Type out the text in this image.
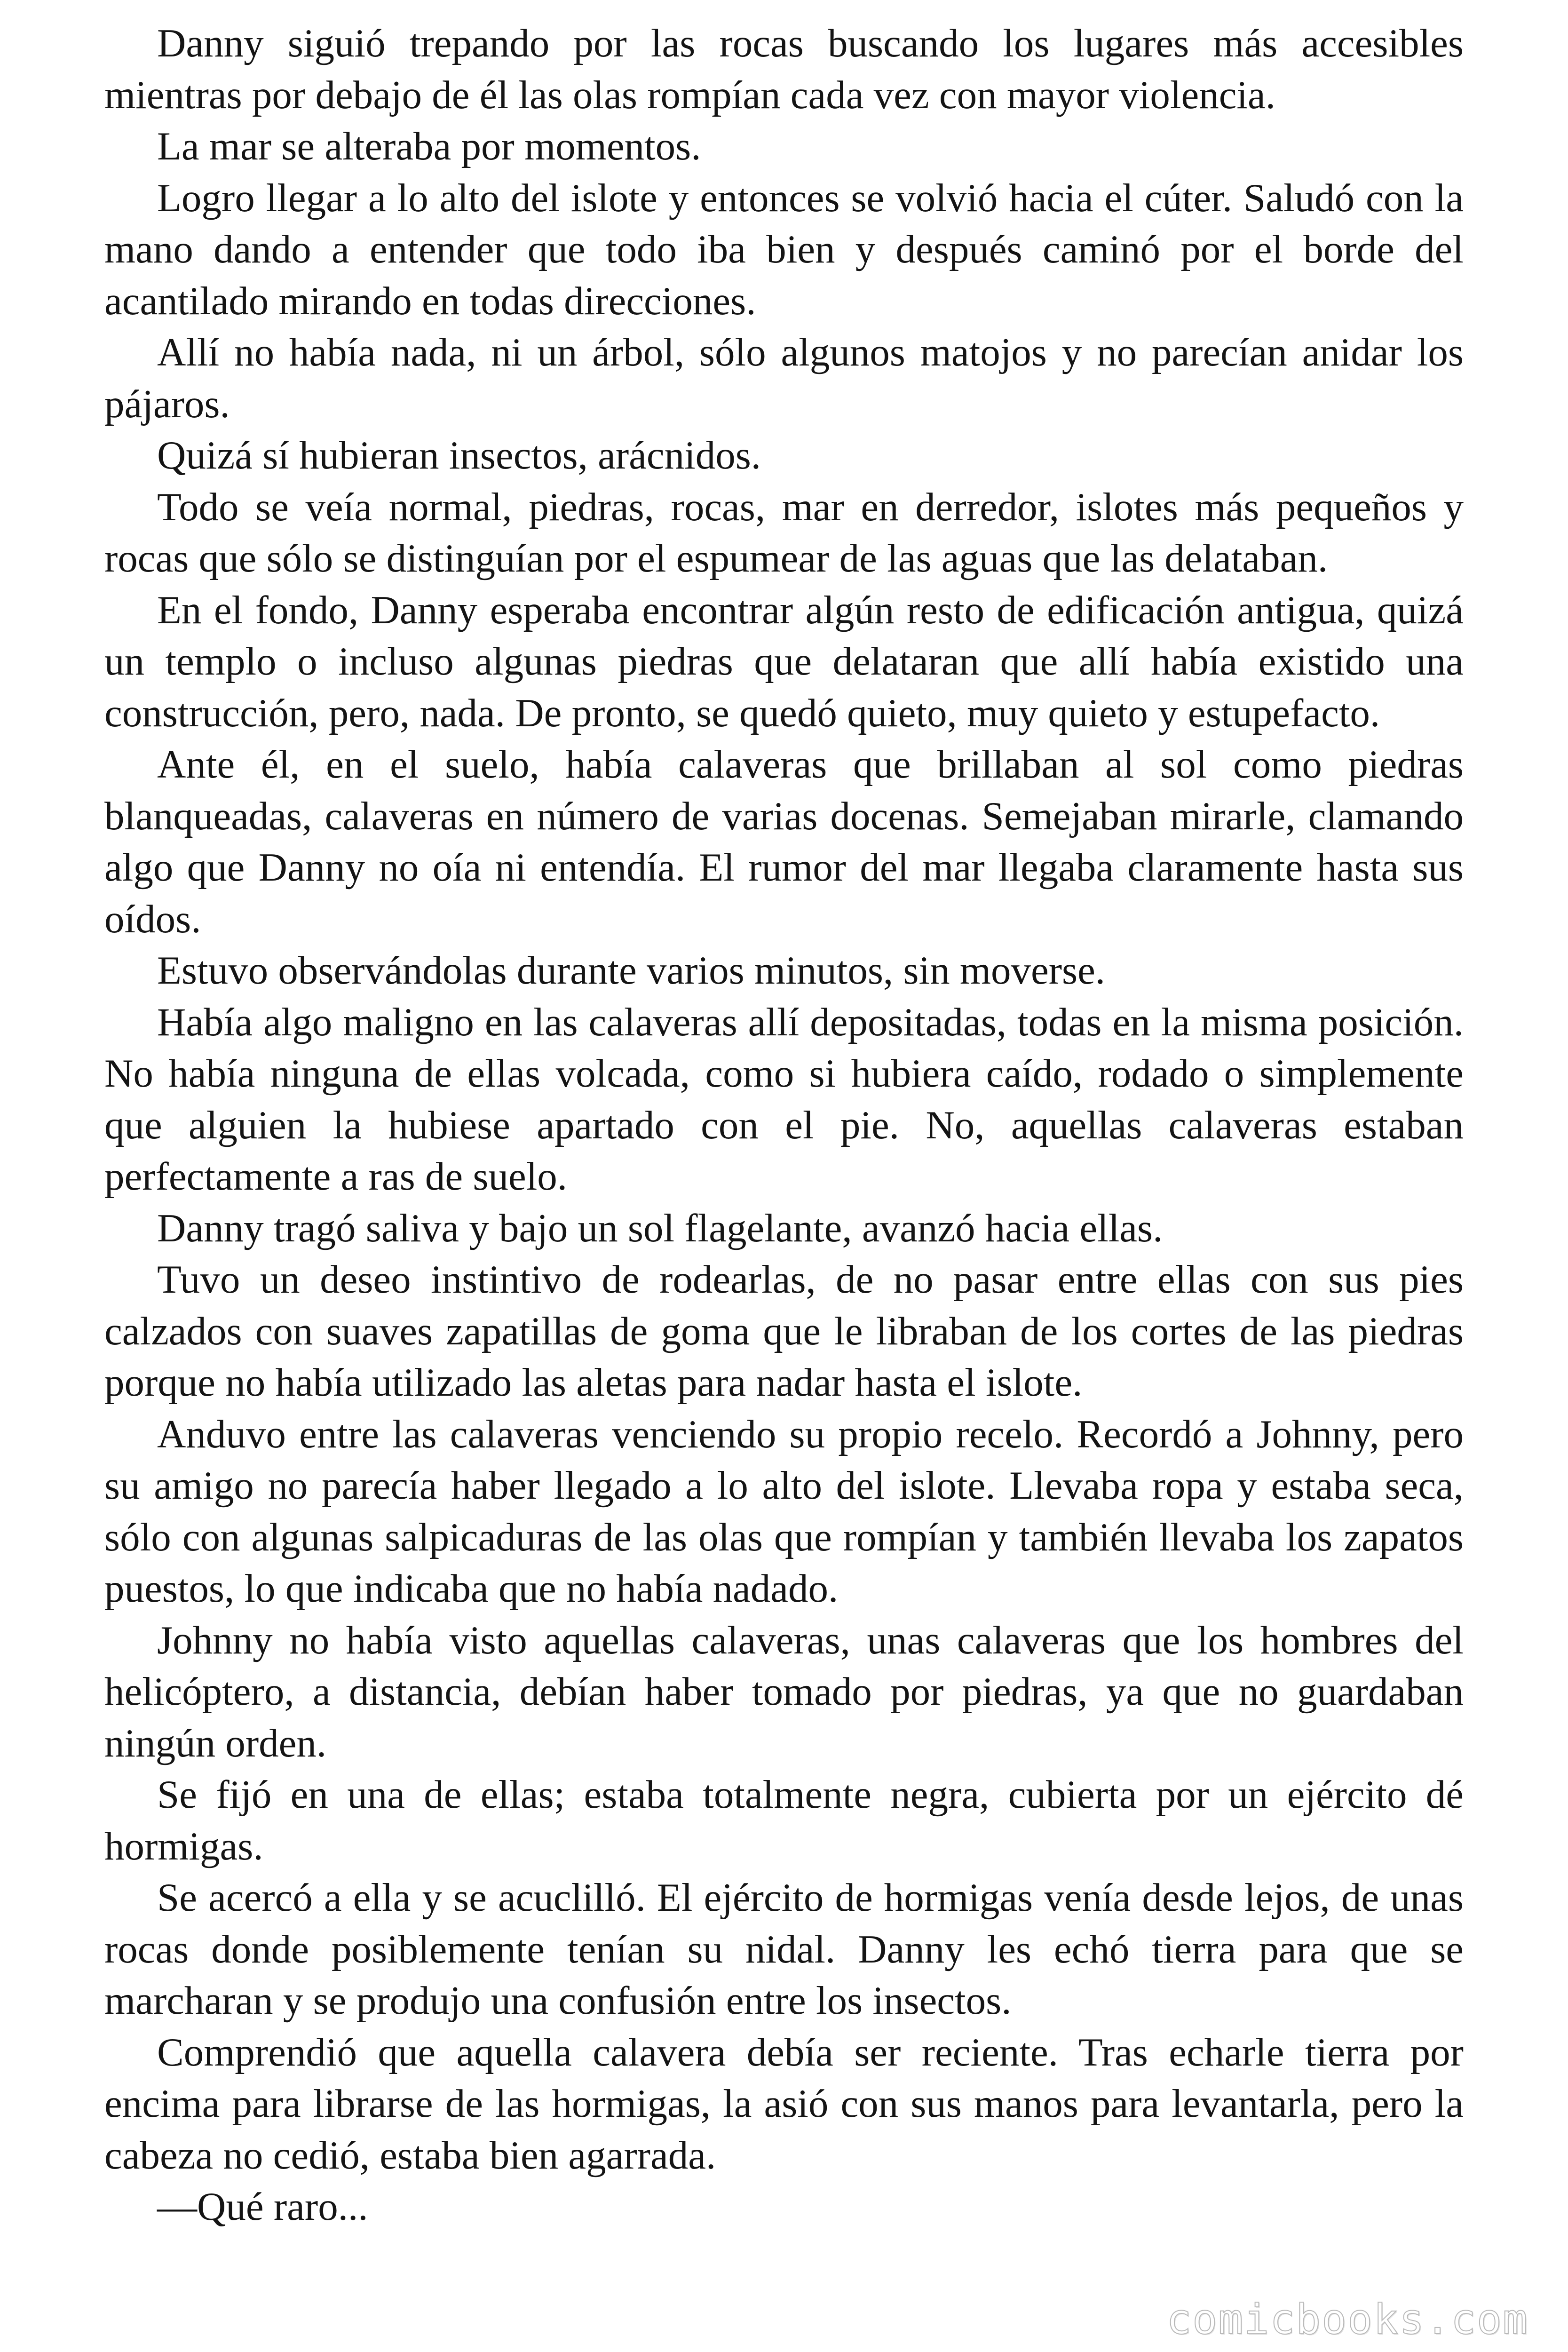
Danny siguió trepando por las rocas buscando los lugares más accesibles mientras por debajo de él las olas rompían cada vez con mayor violencia.

La mar se alteraba por momentos.

Logro llegar a lo alto del islote y entonces se volvió hacia el cúter. Saludó con la mano dando a entender que todo iba bien y después caminó por el borde del acantilado mirando en todas direcciones.

Allí no había nada, ni un árbol, sólo algunos matojos y no parecían anidar los pájaros.

Quizá sí hubieran insectos, arácnidos.

Todo se veía normal, piedras, rocas, mar en derredor, islotes más pequeños y rocas que sólo se distinguían por el espumear de las aguas que las delataban.

En el fondo, Danny esperaba encontrar algún resto de edificación antigua, quizá un templo o incluso algunas piedras que delataran que allí había existido una construcción, pero, nada. De pronto, se quedó quieto, muy quieto y estupefacto.

Ante él, en el suelo, había calaveras que brillaban al sol como piedras blanqueadas, calaveras en número de varias docenas. Semejaban mirarle, clamando algo que Danny no oía ni entendía. El rumor del mar llegaba claramente hasta sus oídos.

Estuvo observándolas durante varios minutos, sin moverse.

Había algo maligno en las calaveras allí depositadas, todas en la misma posición. No había ninguna de ellas volcada, como si hubiera caído, rodado o simplemente que alguien la hubiese apartado con el pie. No, aquellas calaveras estaban perfectamente a ras de suelo.

Danny tragó saliva y bajo un sol flagelante, avanzó hacia ellas.

Tuvo un deseo instintivo de rodearlas, de no pasar entre ellas con sus pies calzados con suaves zapatillas de goma que le libraban de los cortes de las piedras porque no había utilizado las aletas para nadar hasta el islote.

Anduvo entre las calaveras venciendo su propio recelo. Recordó a Johnny, pero su amigo no parecía haber llegado a lo alto del islote. Llevaba ropa y estaba seca, sólo con algunas salpicaduras de las olas que rompían y también llevaba los zapatos puestos, lo que indicaba que no había nadado.

Johnny no había visto aquellas calaveras, unas calaveras que los hombres del helicóptero, a distancia, debían haber tomado por piedras, ya que no guardaban ningún orden.

Se fijó en una de ellas; estaba totalmente negra, cubierta por un ejército dé hormigas.

Se acercó a ella y se acuclilló. El ejército de hormigas venía desde lejos, de unas rocas donde posiblemente tenían su nidal. Danny les echó tierra para que se marcharan y se produjo una confusión entre los insectos.

Comprendió que aquella calavera debía ser reciente. Tras echarle tierra por encima para librarse de las hormigas, la asió con sus manos para levantarla, pero la cabeza no cedió, estaba bien agarrada.

—Qué raro...

comicbooks.com
